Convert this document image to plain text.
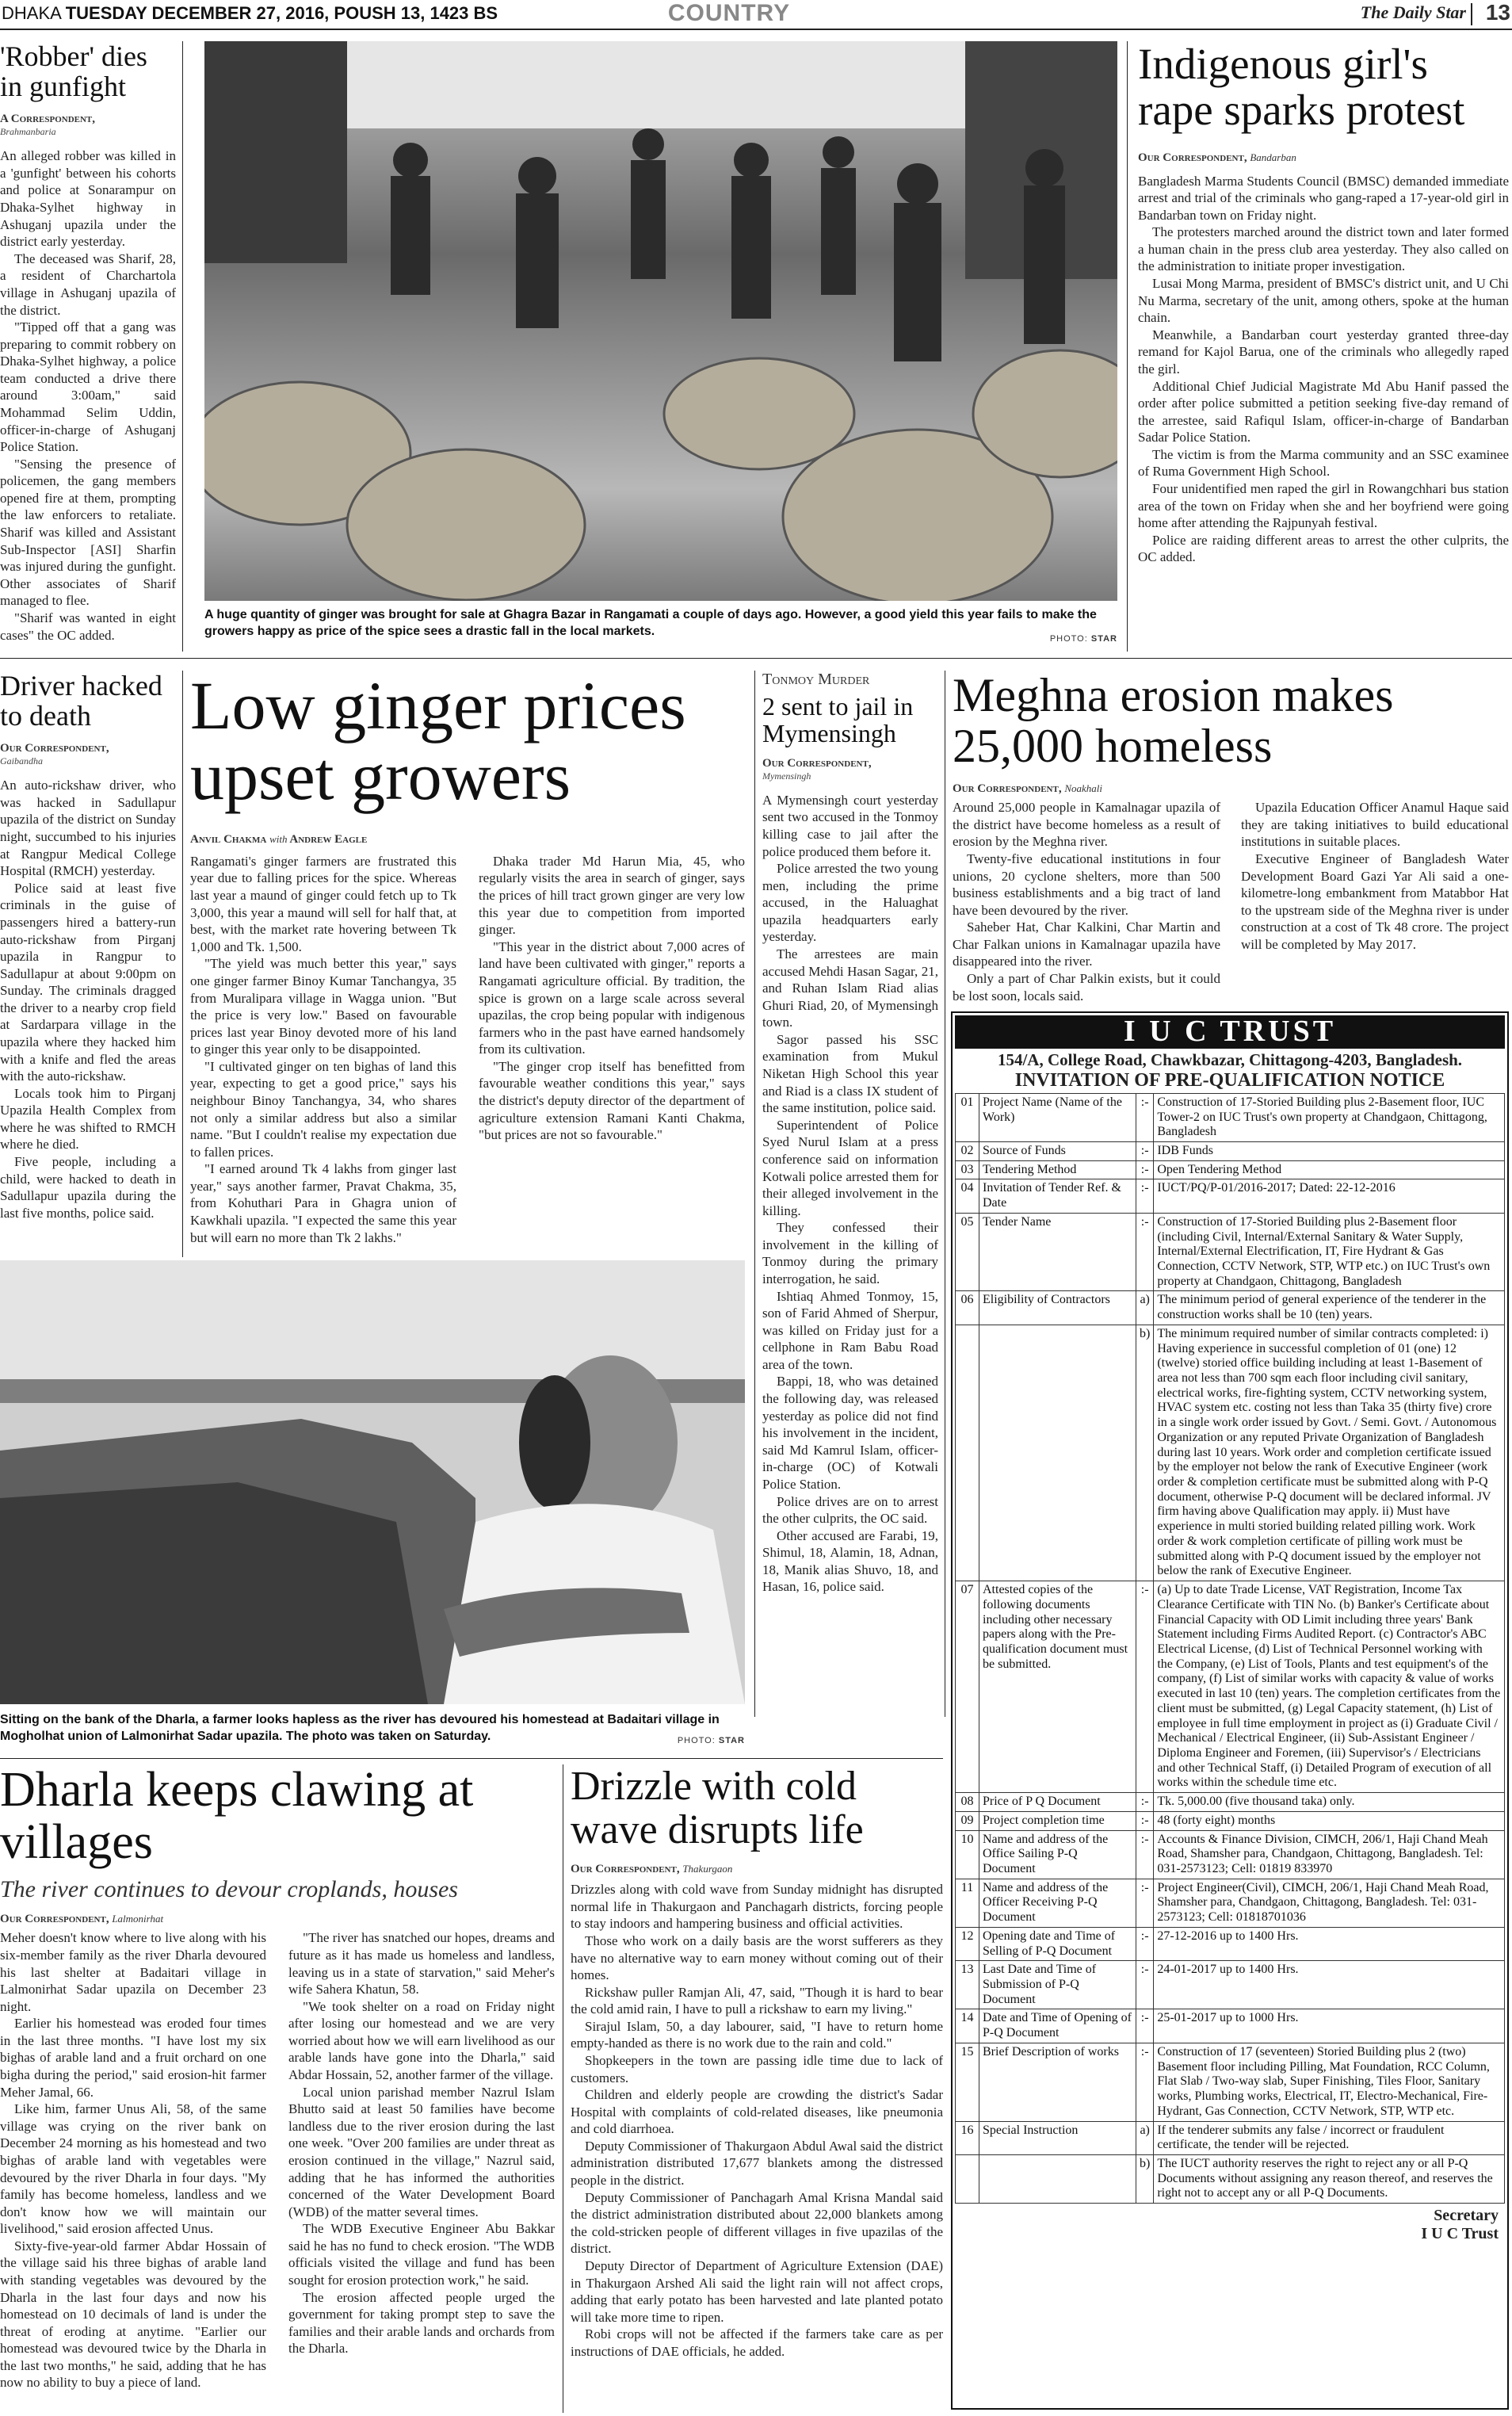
DHAKA TUESDAY DECEMBER 27, 2016, POUSH 13, 1423 BS	COUNTRY	The Daily Star 13
'Robber' dies in gunfight
A Correspondent,
Brahmanbaria

An alleged robber was killed in a 'gunfight' between his cohorts and police at Sonarampur on Dhaka-Sylhet highway in Ashuganj upazila under the district early yesterday.

The deceased was Sharif, 28, a resident of Charchartola village in Ashuganj upazila of the district.

"Tipped off that a gang was preparing to commit robbery on Dhaka-Sylhet highway, a police team conducted a drive there around 3:00am," said Mohammad Selim Uddin, officer-in-charge of Ashuganj Police Station.

"Sensing the presence of policemen, the gang members opened fire at them, prompting the law enforcers to retaliate. Sharif was killed and Assistant Sub-Inspector [ASI] Sharfin was injured during the gunfight. Other associates of Sharif managed to flee.

"Sharif was wanted in eight cases" the OC added.

A huge quantity of ginger was brought for sale at Ghagra Bazar in Rangamati a couple of days ago. However, a good yield this year fails to make the growers happy as price of the spice sees a drastic fall in the local markets.
PHOTO: STAR
Indigenous girl's rape sparks protest
Our Correspondent, Bandarban

Bangladesh Marma Students Council (BMSC) demanded immediate arrest and trial of the criminals who gang-raped a 17-year-old girl in Bandarban town on Friday night.

The protesters marched around the district town and later formed a human chain in the press club area yesterday. They also called on the administration to initiate proper investigation.

Lusai Mong Marma, president of BMSC's district unit, and U Chi Nu Marma, secretary of the unit, among others, spoke at the human chain.

Meanwhile, a Bandarban court yesterday granted three-day remand for Kajol Barua, one of the criminals who allegedly raped the girl.

Additional Chief Judicial Magistrate Md Abu Hanif passed the order after police submitted a petition seeking five-day remand of the arrestee, said Rafiqul Islam, officer-in-charge of Bandarban Sadar Police Station.

The victim is from the Marma community and an SSC examinee of Ruma Government High School.

Four unidentified men raped the girl in Rowangchhari bus station area of the town on Friday when she and her boyfriend were going home after attending the Rajpunyah festival.

Police are raiding different areas to arrest the other culprits, the OC added.

Driver hacked to death
Our Correspondent,
Gaibandha

An auto-rickshaw driver, who was hacked in Sadullapur upazila of the district on Sunday night, succumbed to his injuries at Rangpur Medical College Hospital (RMCH) yesterday.

Police said at least five criminals in the guise of passengers hired a battery-run auto-rickshaw from Pirganj upazila in Rangpur to Sadullapur at about 9:00pm on Sunday. The criminals dragged the driver to a nearby crop field at Sardarpara village in the upazila where they hacked him with a knife and fled the areas with the auto-rickshaw.

Locals took him to Pirganj Upazila Health Complex from where he was shifted to RMCH where he died.

Five people, including a child, were hacked to death in Sadullapur upazila during the last five months, police said.

Low ginger prices upset growers
Anvil Chakma with Andrew Eagle

Rangamati's ginger farmers are frustrated this year due to falling prices for the spice. Whereas last year a maund of ginger could fetch up to Tk 3,000, this year a maund will sell for half that, at best, with the market rate hovering between Tk 1,000 and Tk. 1,500.

"The yield was much better this year," says one ginger farmer Binoy Kumar Tanchangya, 35 from Muralipara village in Wagga union. "But the price is very low." Based on favourable prices last year Binoy devoted more of his land to ginger this year only to be disappointed.

"I cultivated ginger on ten bighas of land this year, expecting to get a good price," says his neighbour Binoy Tanchangya, 34, who shares not only a similar address but also a similar name. "But I couldn't realise my expectation due to fallen prices.

"I earned around Tk 4 lakhs from ginger last year," says another farmer, Pravat Chakma, 35, from Kohuthari Para in Ghagra union of Kawkhali upazila. "I expected the same this year but will earn no more than Tk 2 lakhs."

Dhaka trader Md Harun Mia, 45, who regularly visits the area in search of ginger, says the prices of hill tract grown ginger are very low this year due to competition from imported ginger.

"This year in the district about 7,000 acres of land have been cultivated with ginger," reports a Rangamati agriculture official. By tradition, the spice is grown on a large scale across several upazilas, the crop being popular with indigenous farmers who in the past have earned handsomely from its cultivation.

"The ginger crop itself has benefitted from favourable weather conditions this year," says the district's deputy director of the department of agriculture extension Ramani Kanti Chakma, "but prices are not so favourable."

Tonmoy Murder
2 sent to jail in Mymensingh
Our Correspondent,
Mymensingh

A Mymensingh court yesterday sent two accused in the Tonmoy killing case to jail after the police produced them before it.

Police arrested the two young men, including the prime accused, in the Haluaghat upazila headquarters early yesterday.

The arrestees are main accused Mehdi Hasan Sagar, 21, and Ruhan Islam Riad alias Ghuri Riad, 20, of Mymensingh town.

Sagor passed his SSC examination from Mukul Niketan High School this year and Riad is a class IX student of the same institution, police said.

Superintendent of Police Syed Nurul Islam at a press conference said on information Kotwali police arrested them for their alleged involvement in the killing.

They confessed their involvement in the killing of Tonmoy during the primary interrogation, he said.

Ishtiaq Ahmed Tonmoy, 15, son of Farid Ahmed of Sherpur, was killed on Friday just for a cellphone in Ram Babu Road area of the town.

Bappi, 18, who was detained the following day, was released yesterday as police did not find his involvement in the incident, said Md Kamrul Islam, officer-in-charge (OC) of Kotwali Police Station.

Police drives are on to arrest the other culprits, the OC said.

Other accused are Farabi, 19, Shimul, 18, Alamin, 18, Adnan, 18, Manik alias Shuvo, 18, and Hasan, 16, police said.

Meghna erosion makes 25,000 homeless
Our Correspondent, Noakhali

Around 25,000 people in Kamalnagar upazila of the district have become homeless as a result of erosion by the Meghna river.

Twenty-five educational institutions in four unions, 20 cyclone shelters, more than 500 business establishments and a big tract of land have been devoured by the river.

Saheber Hat, Char Kalkini, Char Martin and Char Falkan unions in Kamalnagar upazila have disappeared into the river.

Only a part of Char Palkin exists, but it could be lost soon, locals said.

Upazila Education Officer Anamul Haque said they are taking initiatives to build educational institutions in suitable places.

Executive Engineer of Bangladesh Water Development Board Gazi Yar Ali said a one-kilometre-long embankment from Matabbor Hat to the upstream side of the Meghna river is under construction at a cost of Tk 48 crore. The project will be completed by May 2017.

I U C TRUST
154/A, College Road, Chawkbazar, Chittagong-4203, Bangladesh.
INVITATION OF PRE-QUALIFICATION NOTICE
01	Project Name (Name of the Work)	:-	Construction of 17-Storied Building plus 2-Basement floor, IUC Tower-2 on IUC Trust's own property at Chandgaon, Chittagong, Bangladesh
02	Source of Funds	:-	IDB Funds
03	Tendering Method	:-	Open Tendering Method
04	Invitation of Tender Ref. & Date	:-	IUCT/PQ/P-01/2016-2017; Dated: 22-12-2016
05	Tender Name	:-	Construction of 17-Storied Building plus 2-Basement floor (including Civil, Internal/External Sanitary & Water Supply, Internal/External Electrification, IT, Fire Hydrant & Gas Connection, CCTV Network, STP, WTP etc.) on IUC Trust's own property at Chandgaon, Chittagong, Bangladesh
06	Eligibility of Contractors	a)	The minimum period of general experience of the tenderer in the construction works shall be 10 (ten) years.
		b)	The minimum required number of similar contracts completed: i) Having experience in successful completion of 01 (one) 12 (twelve) storied office building including at least 1-Basement of area not less than 700 sqm each floor including civil sanitary, electrical works, fire-fighting system, CCTV networking system, HVAC system etc. costing not less than Taka 35 (thirty five) crore in a single work order issued by Govt. / Semi. Govt. / Autonomous Organization or any reputed Private Organization of Bangladesh during last 10 years. Work order and completion certificate issued by the employer not below the rank of Executive Engineer (work order & completion certificate must be submitted along with P-Q document, otherwise P-Q document will be declared informal. JV firm having above Qualification may apply. ii) Must have experience in multi storied building related pilling work. Work order & work completion certificate of pilling work must be submitted along with P-Q document issued by the employer not below the rank of Executive Engineer.
07	Attested copies of the following documents including other necessary papers along with the Pre-qualification document must be submitted.	:-	(a) Up to date Trade License, VAT Registration, Income Tax Clearance Certificate with TIN No. (b) Banker's Certificate about Financial Capacity with OD Limit including three years' Bank Statement including Firms Audited Report. (c) Contractor's ABC Electrical License, (d) List of Technical Personnel working with the Company, (e) List of Tools, Plants and test equipment's of the company, (f) List of similar works with capacity & value of works executed in last 10 (ten) years. The completion certificates from the client must be submitted, (g) Legal Capacity statement, (h) List of employee in full time employment in project as (i) Graduate Civil / Mechanical / Electrical Engineer, (ii) Sub-Assistant Engineer / Diploma Engineer and Foremen, (iii) Supervisor's / Electricians and other Technical Staff, (i) Detailed Program of execution of all works within the schedule time etc.
08	Price of P Q Document	:-	Tk. 5,000.00 (five thousand taka) only.
09	Project completion time	:-	48 (forty eight) months
10	Name and address of the Office Sailing P-Q Document	:-	Accounts & Finance Division, CIMCH, 206/1, Haji Chand Meah Road, Shamsher para, Chandgaon, Chittagong, Bangladesh. Tel: 031-2573123; Cell: 01819 833970
11	Name and address of the Officer Receiving P-Q Document	:-	Project Engineer(Civil), CIMCH, 206/1, Haji Chand Meah Road, Shamsher para, Chandgaon, Chittagong, Bangladesh. Tel: 031-2573123; Cell: 01818701036
12	Opening date and Time of Selling of P-Q Document	:-	27-12-2016 up to 1400 Hrs.
13	Last Date and Time of Submission of P-Q Document	:-	24-01-2017 up to 1400 Hrs.
14	Date and Time of Opening of P-Q Document	:-	25-01-2017 up to 1000 Hrs.
15	Brief Description of works	:-	Construction of 17 (seventeen) Storied Building plus 2 (two) Basement floor including Pilling, Mat Foundation, RCC Column, Flat Slab / Two-way slab, Super Finishing, Tiles Floor, Sanitary works, Plumbing works, Electrical, IT, Electro-Mechanical, Fire-Hydrant, Gas Connection, CCTV Network, STP, WTP etc.
16	Special Instruction	a)	If the tenderer submits any false / incorrect or fraudulent certificate, the tender will be rejected.
		b)	The IUCT authority reserves the right to reject any or all P-Q Documents without assigning any reason thereof, and reserves the right not to accept any or all P-Q Documents.
Secretary
I U C Trust
Sitting on the bank of the Dharla, a farmer looks hapless as the river has devoured his homestead at Badaitari village in Mogholhat union of Lalmonirhat Sadar upazila. The photo was taken on Saturday.	PHOTO: STAR
Dharla keeps clawing at villages
The river continues to devour croplands, houses
Our Correspondent, Lalmonirhat

Meher doesn't know where to live along with his six-member family as the river Dharla devoured his last shelter at Badaitari village in Lalmonirhat Sadar upazila on December 23 night.

Earlier his homestead was eroded four times in the last three months. "I have lost my six bighas of arable land and a fruit orchard on one bigha during the period," said erosion-hit farmer Meher Jamal, 66.

Like him, farmer Unus Ali, 58, of the same village was crying on the river bank on December 24 morning as his homestead and two bighas of arable land with vegetables were devoured by the river Dharla in four days. "My family has become homeless, landless and we don't know how we will maintain our livelihood," said erosion affected Unus.

Sixty-five-year-old farmer Abdar Hossain of the village said his three bighas of arable land with standing vegetables was devoured by the Dharla in the last four days and now his homestead on 10 decimals of land is under the threat of eroding at anytime. "Earlier our homestead was devoured twice by the Dharla in the last two months," he said, adding that he has now no ability to buy a piece of land.

"The river has snatched our hopes, dreams and future as it has made us homeless and landless, leaving us in a state of starvation," said Meher's wife Sahera Khatun, 58.

"We took shelter on a road on Friday night after losing our homestead and we are very worried about how we will earn livelihood as our arable lands have gone into the Dharla," said Abdar Hossain, 52, another farmer of the village.

Local union parishad member Nazrul Islam Bhutto said at least 50 families have become landless due to the river erosion during the last one week. "Over 200 families are under threat as erosion continued in the village," Nazrul said, adding that he has informed the authorities concerned of the Water Development Board (WDB) of the matter several times.

The WDB Executive Engineer Abu Bakkar said he has no fund to check erosion. "The WDB officials visited the village and fund has been sought for erosion protection work," he said.

The erosion affected people urged the government for taking prompt step to save the families and their arable lands and orchards from the Dharla.

Drizzle with cold wave disrupts life
Our Correspondent, Thakurgaon

Drizzles along with cold wave from Sunday midnight has disrupted normal life in Thakurgaon and Panchagarh districts, forcing people to stay indoors and hampering business and official activities.

Those who work on a daily basis are the worst sufferers as they have no alternative way to earn money without coming out of their homes.

Rickshaw puller Ramjan Ali, 47, said, "Though it is hard to bear the cold amid rain, I have to pull a rickshaw to earn my living."

Sirajul Islam, 50, a day labourer, said, "I have to return home empty-handed as there is no work due to the rain and cold."

Shopkeepers in the town are passing idle time due to lack of customers.

Children and elderly people are crowding the district's Sadar Hospital with complaints of cold-related diseases, like pneumonia and cold diarrhoea.

Deputy Commissioner of Thakurgaon Abdul Awal said the district administration distributed 17,677 blankets among the distressed people in the district.

Deputy Commissioner of Panchagarh Amal Krisna Mandal said the district administration distributed about 22,000 blankets among the cold-stricken people of different villages in five upazilas of the district.

Deputy Director of Department of Agriculture Extension (DAE) in Thakurgaon Arshed Ali said the light rain will not affect crops, adding that early potato has been harvested and late planted potato will take more time to ripen.

Robi crops will not be affected if the farmers take care as per instructions of DAE officials, he added.
